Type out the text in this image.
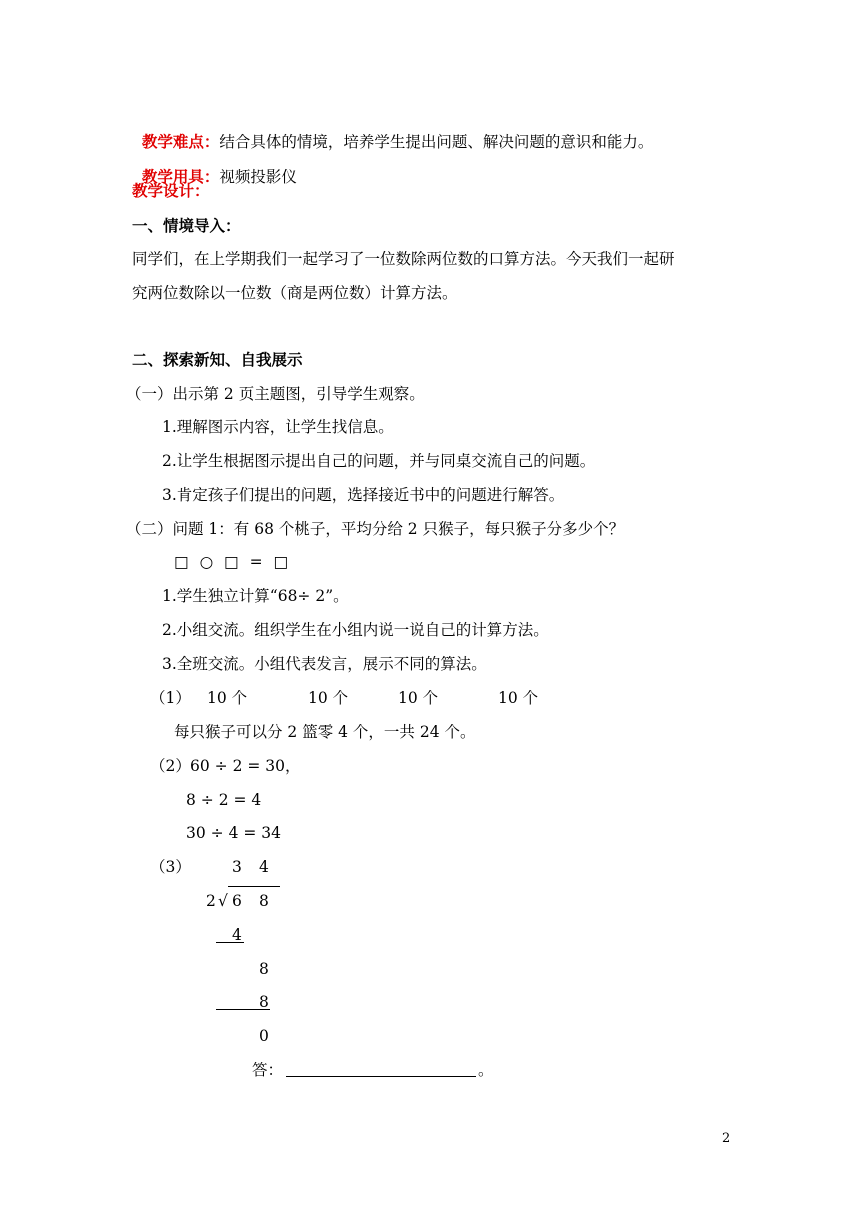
教学难点：结合具体的情境，培养学生提出问题、解决问题的意识和能力。

教学用具：视频投影仪

教学设计：
一、情境导入：
同学们，在上学期我们一起学习了一位数除两位数的口算方法。今天我们一起研
究两位数除以一位数（商是两位数）计算方法。
二、探索新知、自我展示
（一）出示第 2 页主题图，引导学生观察。
1.理解图示内容，让学生找信息。
2.让学生根据图示提出自己的问题，并与同桌交流自己的问题。
3.肯定孩子们提出的问题，选择接近书中的问题进行解答。
（二）问题 1：有 68 个桃子，平均分给 2 只猴子，每只猴子分多少个？
□ ○ □ = □
1.学生独立计算“68÷ 2”。
2.小组交流。组织学生在小组内说一说自己的计算方法。
3.全班交流。小组代表发言，展示不同的算法。
（1） 10 个	10 个	10 个	10 个
每只猴子可以分 2 篮零 4 个，一共 24 个。
（2） 60 ÷ 2 = 30，
8 ÷ 2 = 4
30 ÷ 4 = 34
（3）	3 4
2 √ 6 8
4
8
8
0
答：	。
2
